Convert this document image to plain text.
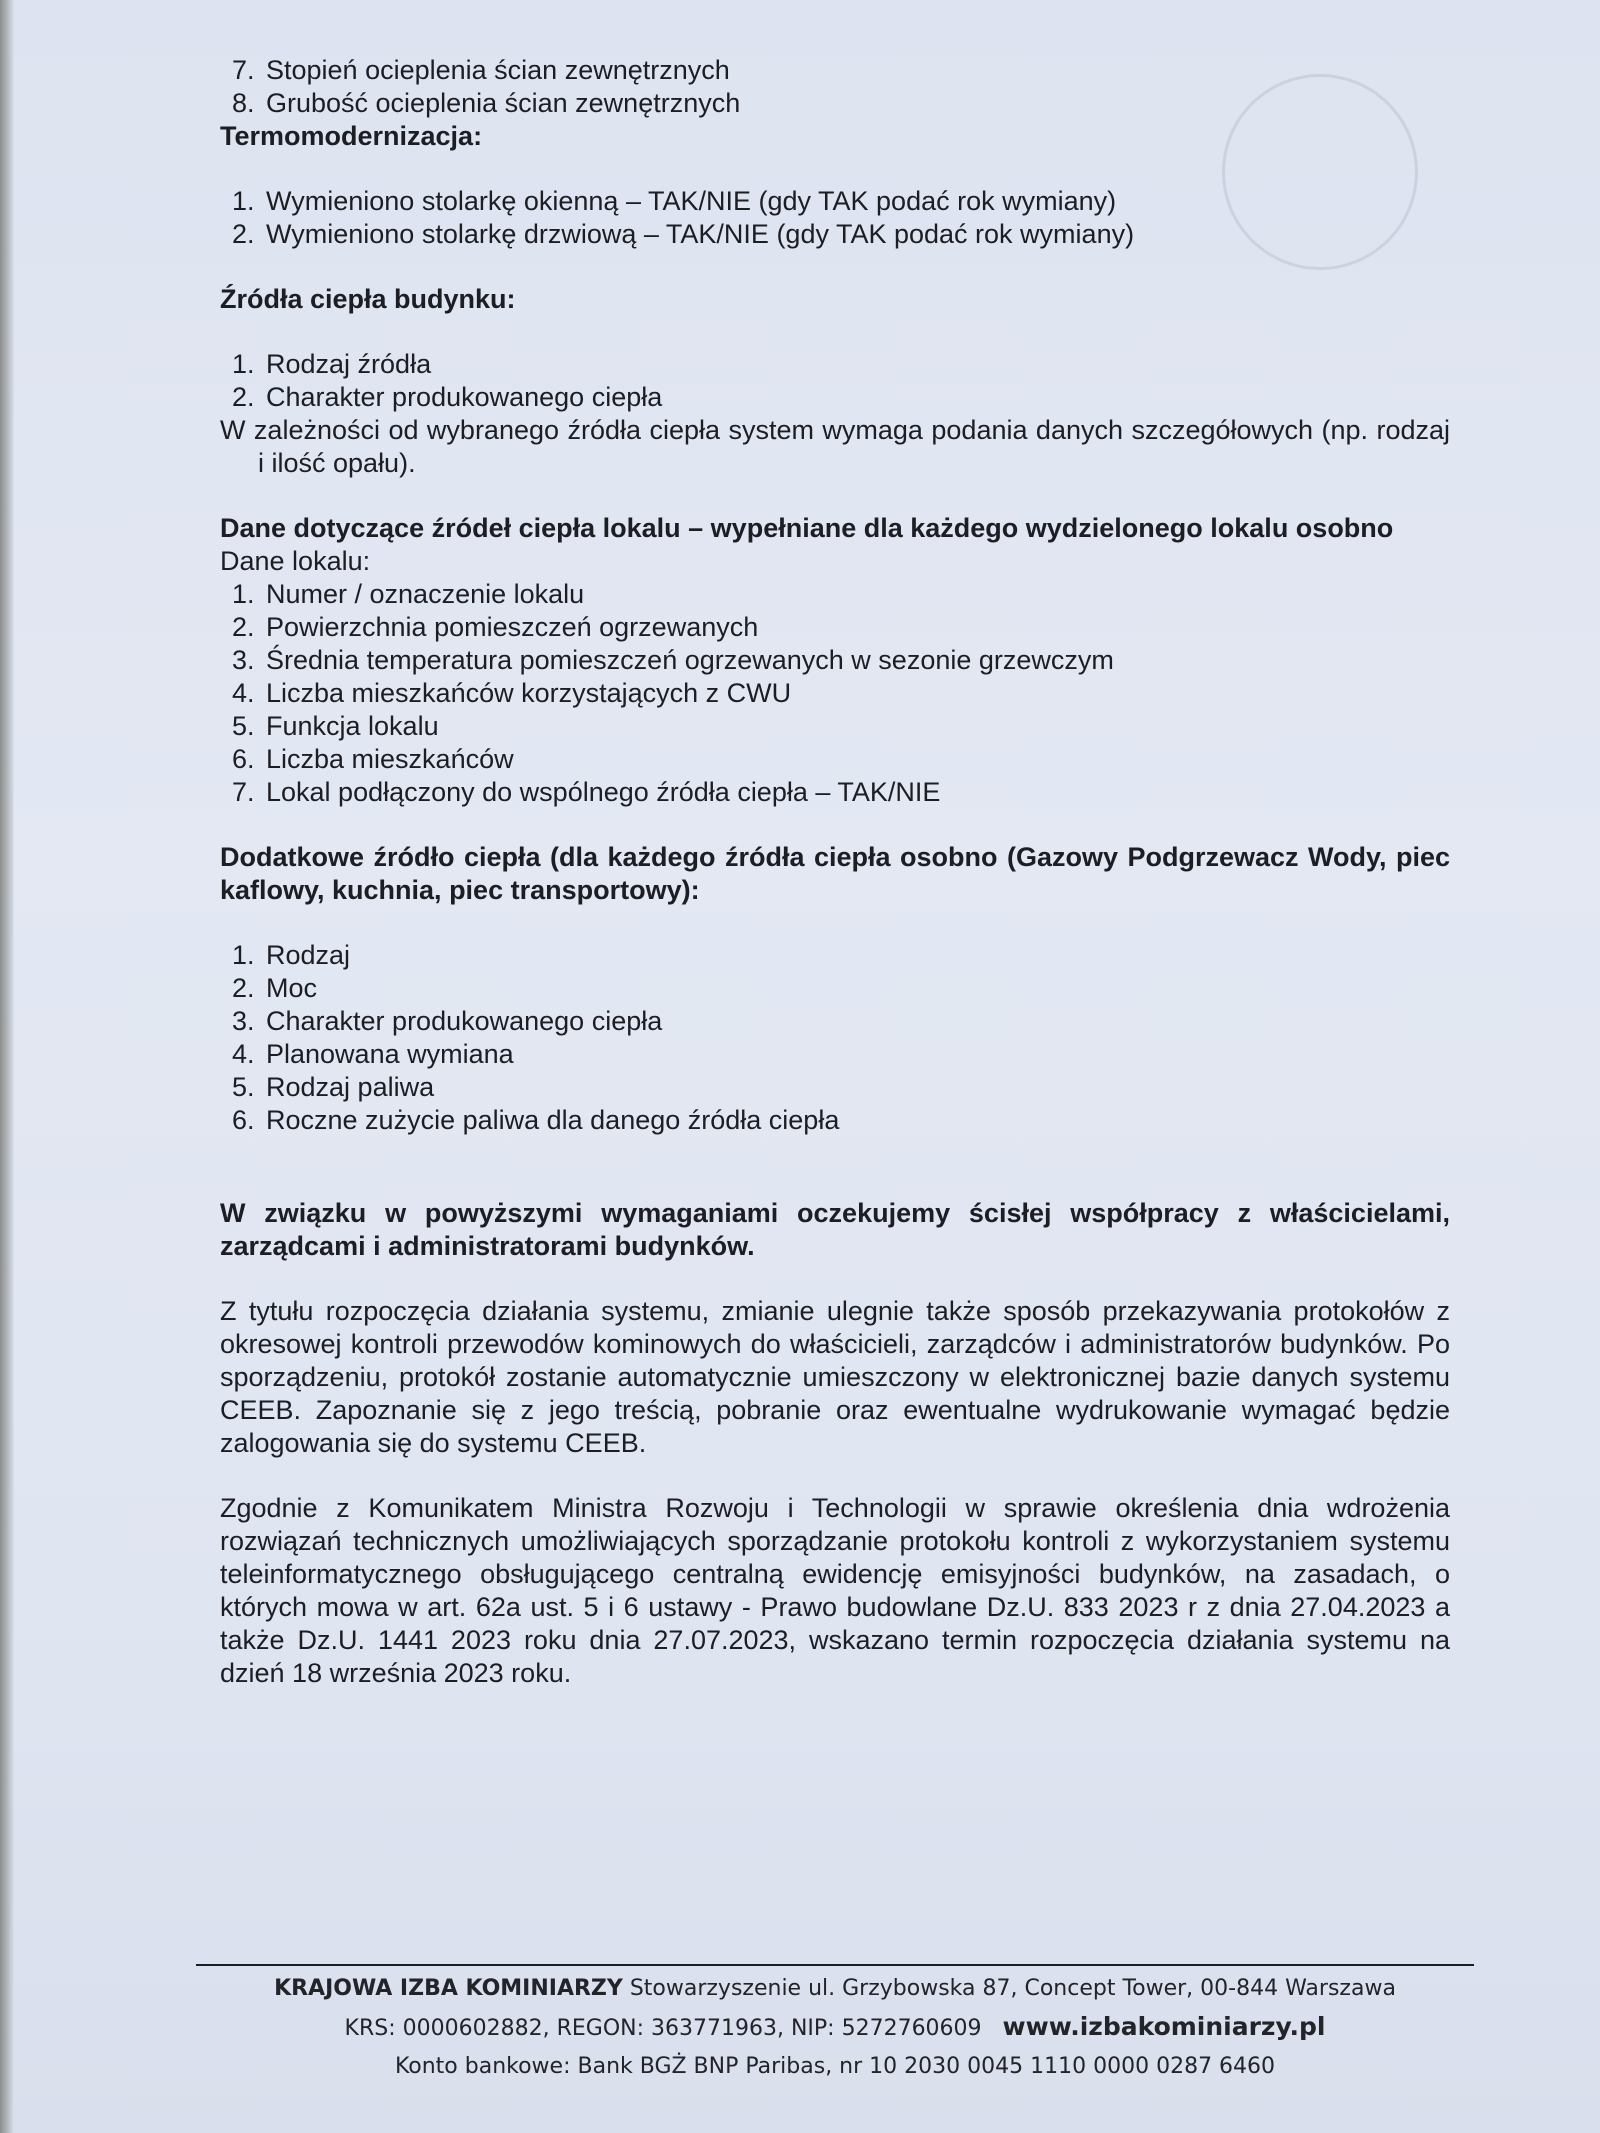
7. Stopień ocieplenia ścian zewnętrznych
8. Grubość ocieplenia ścian zewnętrznych

Termomodernizacja:

1. Wymieniono stolarkę okienną – TAK/NIE (gdy TAK podać rok wymiany)
2. Wymieniono stolarkę drzwiową – TAK/NIE (gdy TAK podać rok wymiany)

Źródła ciepła budynku:

1. Rodzaj źródła
2. Charakter produkowanego ciepła

W zależności od wybranego źródła ciepła system wymaga podania danych szczegółowych (np. rodzaj i ilość opału).

Dane dotyczące źródeł ciepła lokalu – wypełniane dla każdego wydzielonego lokalu osobno

Dane lokalu:

1. Numer / oznaczenie lokalu
2. Powierzchnia pomieszczeń ogrzewanych
3. Średnia temperatura pomieszczeń ogrzewanych w sezonie grzewczym
4. Liczba mieszkańców korzystających z CWU
5. Funkcja lokalu
6. Liczba mieszkańców
7. Lokal podłączony do wspólnego źródła ciepła – TAK/NIE

Dodatkowe źródło ciepła (dla każdego źródła ciepła osobno (Gazowy Podgrzewacz Wody, piec kaflowy, kuchnia, piec transportowy):

1. Rodzaj
2. Moc
3. Charakter produkowanego ciepła
4. Planowana wymiana
5. Rodzaj paliwa
6. Roczne zużycie paliwa dla danego źródła ciepła

W związku w powyższymi wymaganiami oczekujemy ścisłej współpracy z właścicielami, zarządcami i administratorami budynków.

Z tytułu rozpoczęcia działania systemu, zmianie ulegnie także sposób przekazywania protokołów z okresowej kontroli przewodów kominowych do właścicieli, zarządców i administratorów budynków. Po sporządzeniu, protokół zostanie automatycznie umieszczony w elektronicznej bazie danych systemu CEEB. Zapoznanie się z jego treścią, pobranie oraz ewentualne wydrukowanie wymagać będzie zalogowania się do systemu CEEB.

Zgodnie z Komunikatem Ministra Rozwoju i Technologii w sprawie określenia dnia wdrożenia rozwiązań technicznych umożliwiających sporządzanie protokołu kontroli z wykorzystaniem systemu teleinformatycznego obsługującego centralną ewidencję emisyjności budynków, na zasadach, o których mowa w art. 62a ust. 5 i 6 ustawy - Prawo budowlane Dz.U. 833 2023 r z dnia 27.04.2023 a także Dz.U. 1441 2023 roku dnia 27.07.2023, wskazano termin rozpoczęcia działania systemu na dzień 18 września 2023 roku.

KRAJOWA IZBA KOMINIARZY Stowarzyszenie ul. Grzybowska 87, Concept Tower, 00-844 Warszawa
KRS: 0000602882, REGON: 363771963, NIP: 5272760609 www.izbakominiarzy.pl
Konto bankowe: Bank BGŻ BNP Paribas, nr 10 2030 0045 1110 0000 0287 6460
